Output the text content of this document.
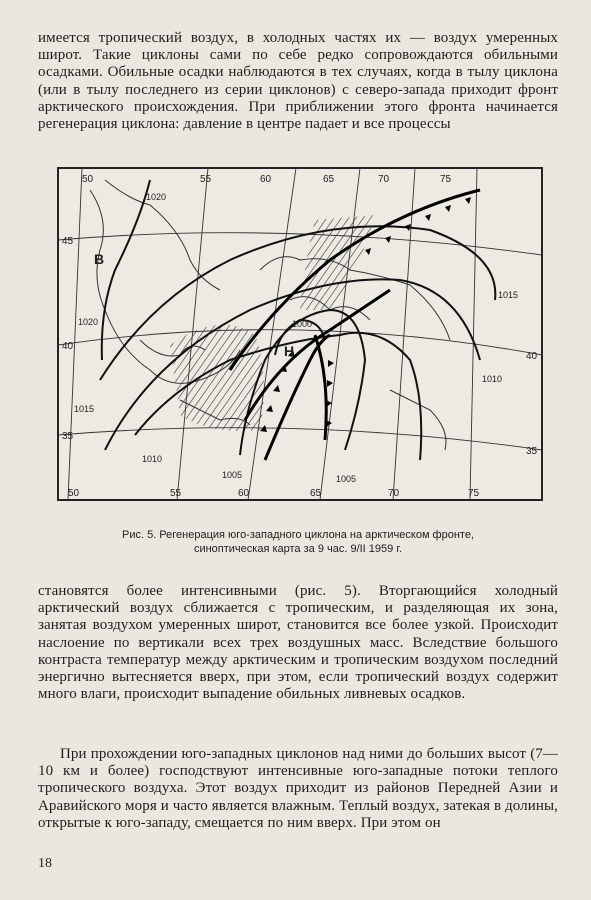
имеется тропический воздух, в холодных частях их — воздух умеренных широт. Такие циклоны сами по себе редко сопровождаются обильными осадками. Обильные осадки наблюдаются в тех случаях, когда в тылу циклона (или в тылу последнего из серии циклонов) с северо-запада приходит фронт арктического происхождения. При приближении этого фронта начинается регенерация циклона: давление в центре падает и все процессы

50	55	60	65	70	75
50	55	60	65	70	75
45
40
35
40
35
В
Н
1020
1020
1015
1015
1010
1010
1005	1005
1000

Рис. 5. Регенерация юго-западного циклона на арктическом фронте,
синоптическая карта за 9 час. 9/II 1959 г.

становятся более интенсивными (рис. 5). Вторгающийся холодный арктический воздух сближается с тропическим, и разделяющая их зона, занятая воздухом умеренных широт, становится все более узкой. Происходит наслоение по вертикали всех трех воздушных масс. Вследствие большого контраста температур между арктическим и тропическим воздухом последний энергично вытесняется вверх, при этом, если тропический воздух содержит много влаги, происходит выпадение обильных ливневых осадков.

При прохождении юго-западных циклонов над ними до больших высот (7—10 км и более) господствуют интенсивные юго-западные потоки теплого тропического воздуха. Этот воздух приходит из районов Передней Азии и Аравийского моря и часто является влажным. Теплый воздух, затекая в долины, открытые к юго-западу, смещается по ним вверх. При этом он

18
